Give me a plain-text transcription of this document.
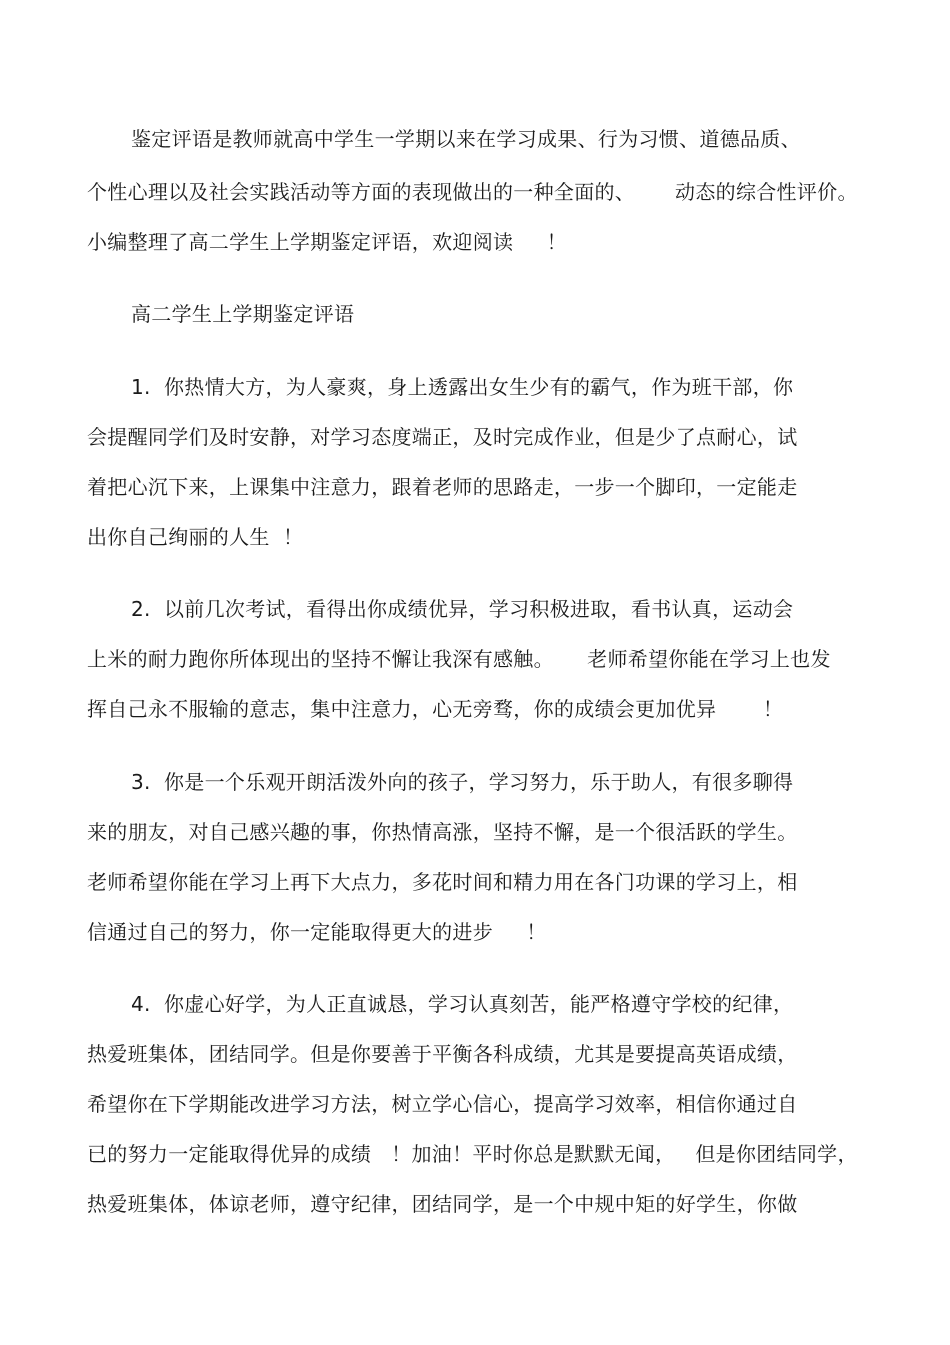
鉴定评语是教师就高中学生一学期以来在学习成果、行为习惯、道德品质、
个性心理以及社会实践活动等方面的表现做出的一种全面的、      动态的综合性评价。
小编整理了高二学生上学期鉴定评语，欢迎阅读     ！
高二学生上学期鉴定评语
1.  你热情大方，为人豪爽，身上透露出女生少有的霸气，作为班干部，你
会提醒同学们及时安静，对学习态度端正，及时完成作业，但是少了点耐心，试
着把心沉下来，上课集中注意力，跟着老师的思路走，一步一个脚印，一定能走
出你自己绚丽的人生  ！
2.  以前几次考试，看得出你成绩优异，学习积极进取，看书认真，运动会
上米的耐力跑你所体现出的坚持不懈让我深有感触。     老师希望你能在学习上也发
挥自己永不服输的意志，集中注意力，心无旁骛，你的成绩会更加优异       ！
3.  你是一个乐观开朗活泼外向的孩子，学习努力，乐于助人，有很多聊得
来的朋友，对自己感兴趣的事，你热情高涨，坚持不懈，是一个很活跃的学生。
老师希望你能在学习上再下大点力，多花时间和精力用在各门功课的学习上，相
信通过自己的努力，你一定能取得更大的进步     ！
4.  你虚心好学，为人正直诚恳，学习认真刻苦，能严格遵守学校的纪律，
热爱班集体，团结同学。但是你要善于平衡各科成绩，尤其是要提高英语成绩，
希望你在下学期能改进学习方法，树立学心信心，提高学习效率，相信你通过自
已的努力一定能取得优异的成绩   ！加油！平时你总是默默无闻，   但是你团结同学，
热爱班集体，体谅老师，遵守纪律，团结同学，是一个中规中矩的好学生，你做
